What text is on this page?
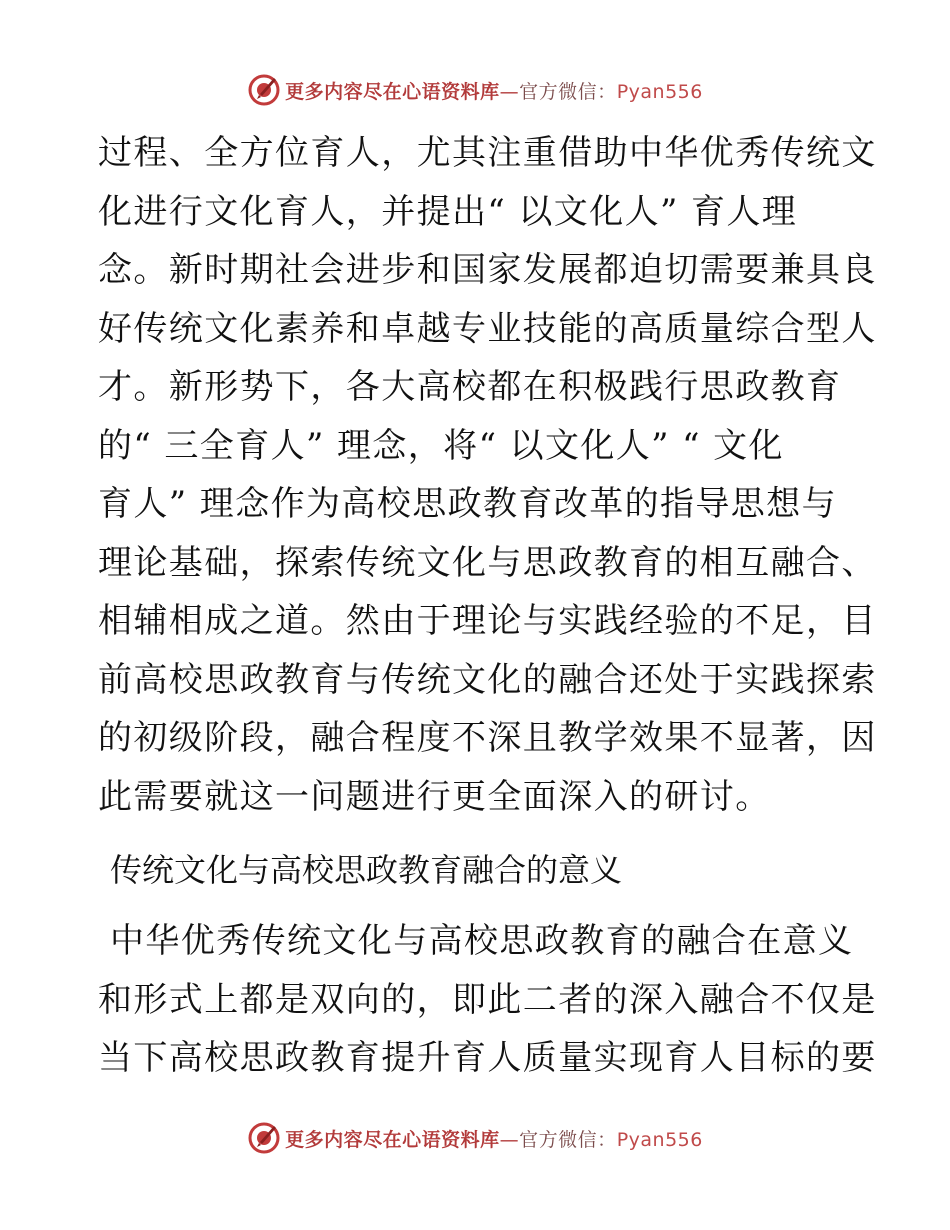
更多内容尽在心语资料库—官方微信：Pyan556
过程、全方位育人，尤其注重借助中华优秀传统文
化进行文化育人，并提出“ 以文化人” 育人理
念。新时期社会进步和国家发展都迫切需要兼具良
好传统文化素养和卓越专业技能的高质量综合型人
才。新形势下，各大高校都在积极践行思政教育
的“ 三全育人” 理念，将“ 以文化人” “ 文化
育人” 理念作为高校思政教育改革的指导思想与
理论基础，探索传统文化与思政教育的相互融合、
相辅相成之道。然由于理论与实践经验的不足，目
前高校思政教育与传统文化的融合还处于实践探索
的初级阶段，融合程度不深且教学效果不显著，因
此需要就这一问题进行更全面深入的研讨。
传统文化与高校思政教育融合的意义
中华优秀传统文化与高校思政教育的融合在意义
和形式上都是双向的，即此二者的深入融合不仅是
当下高校思政教育提升育人质量实现育人目标的要
更多内容尽在心语资料库—官方微信：Pyan556
